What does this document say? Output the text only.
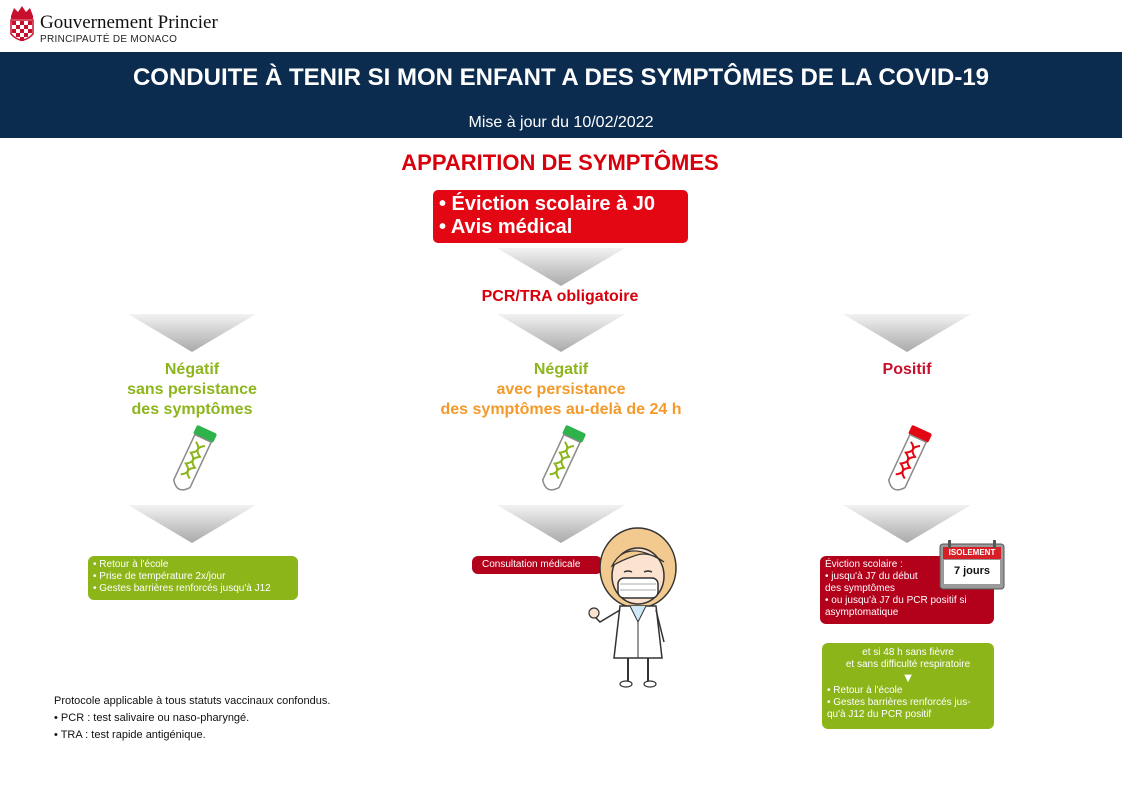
Gouvernement Princier
PRINCIPAUTÉ DE MONACO
CONDUITE À TENIR SI MON ENFANT A DES SYMPTÔMES DE LA COVID-19
Mise à jour du 10/02/2022
APPARITION DE SYMPTÔMES
• Éviction scolaire à J0
• Avis médical
PCR/TRA obligatoire
Négatif
sans persistance
des symptômes
Négatif
avec persistance
des symptômes au-delà de 24 h
Positif
• Retour à l'école
• Prise de température 2x/jour
• Gestes barrières renforcés jusqu'à J12
Consultation médicale	Éviction scolaire :
• jusqu'à J7 du début
des symptômes
• ou jusqu'à J7 du PCR positif si
asymptomatique
ISOLEMENT
7 jours
et si 48 h sans fièvre
et sans difficulté respiratoire
▼
• Retour à l'école
• Gestes barrières renforcés jus-
qu'à J12 du PCR positif
Protocole applicable à tous statuts vaccinaux confondus.
• PCR : test salivaire ou naso-pharyngé.
• TRA : test rapide antigénique.
